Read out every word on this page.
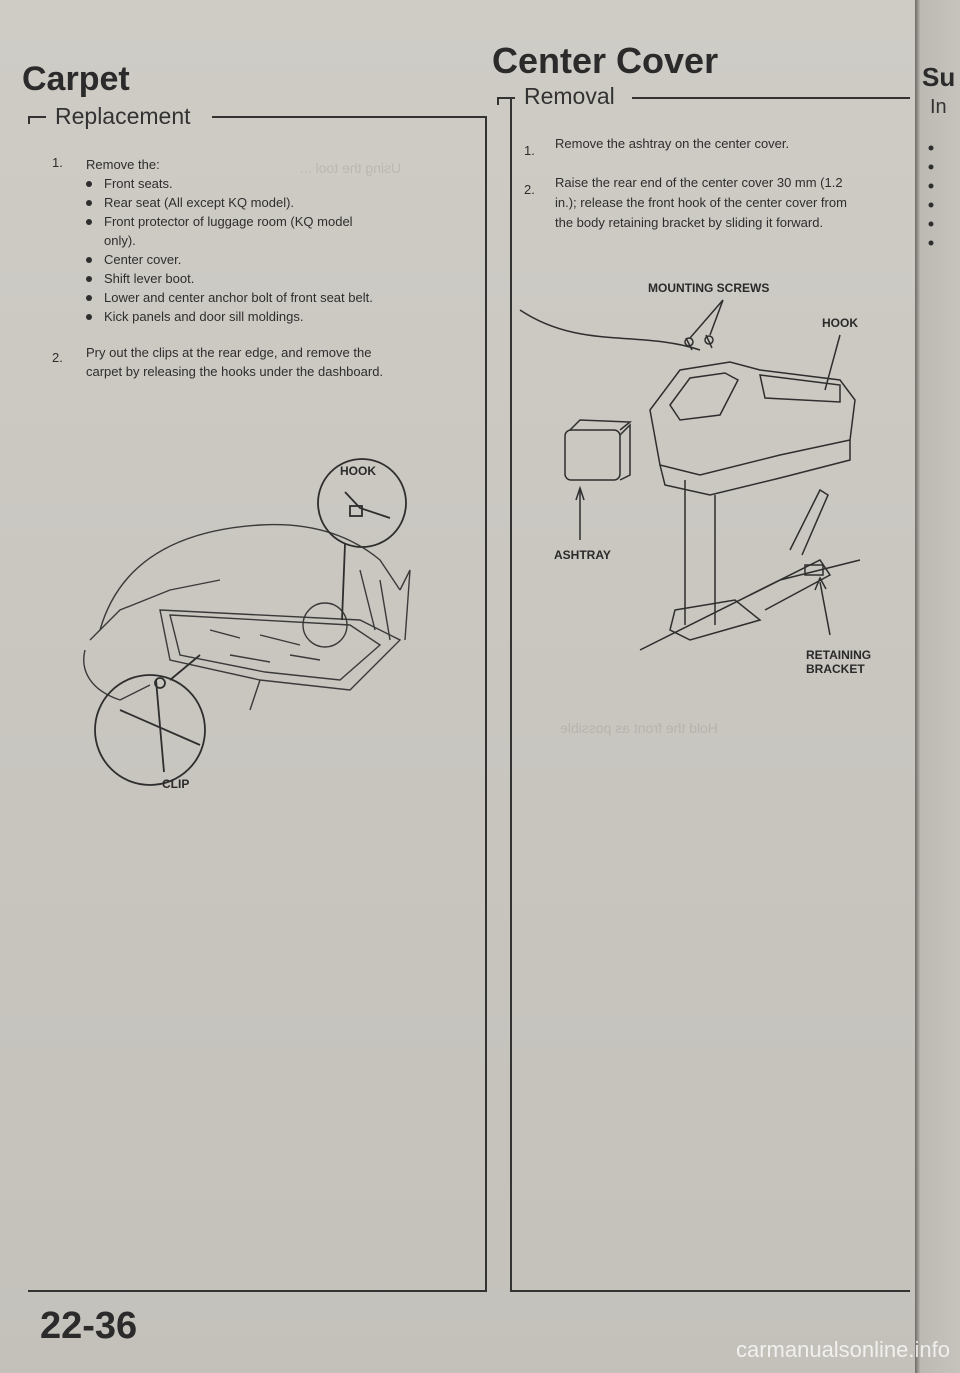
Using the tool ...
Hold the front as possible
Carpet
Replacement
1. Remove the:
Front seats.
Rear seat (All except KQ model).
Front protector of luggage room (KQ model
only).
Center cover.
Shift lever boot.
Lower and center anchor bolt of front seat belt.
Kick panels and door sill moldings.
2. Pry out the clips at the rear edge, and remove the
carpet by releasing the hooks under the dashboard.
HOOK
CLIP
Center Cover
Removal
1. Remove the ashtray on the center cover.
2. Raise the rear end of the center cover 30 mm (1.2
in.); release the front hook of the center cover from
the body retaining bracket by sliding it forward.
MOUNTING SCREWS
HOOK
ASHTRAY
RETAINING
BRACKET
Su
In
22-36
carmanualsonline.info
